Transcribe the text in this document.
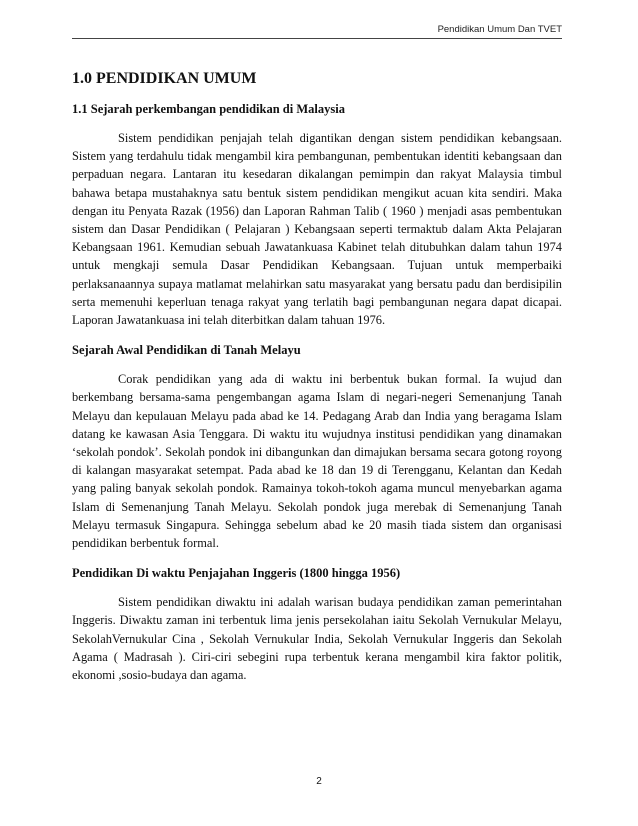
Pendidikan Umum Dan TVET
1.0 PENDIDIKAN UMUM
1.1 Sejarah perkembangan pendidikan di Malaysia

Sistem pendidikan penjajah telah digantikan dengan sistem pendidikan kebangsaan. Sistem yang terdahulu tidak mengambil kira pembangunan, pembentukan identiti kebangsaan dan perpaduan negara. Lantaran itu kesedaran dikalangan pemimpin dan rakyat Malaysia timbul bahawa betapa mustahaknya satu bentuk sistem pendidikan mengikut acuan kita sendiri. Maka dengan itu Penyata Razak (1956) dan Laporan Rahman Talib ( 1960 ) menjadi asas pembentukan sistem dan Dasar Pendidikan ( Pelajaran ) Kebangsaan seperti termaktub dalam Akta Pelajaran Kebangsaan 1961. Kemudian sebuah Jawatankuasa Kabinet telah ditubuhkan dalam tahun 1974 untuk mengkaji semula Dasar Pendidikan Kebangsaan. Tujuan untuk memperbaiki perlaksanaannya supaya matlamat melahirkan satu masyarakat yang bersatu padu dan berdisipilin serta memenuhi keperluan tenaga rakyat yang terlatih bagi pembangunan negara dapat dicapai. Laporan Jawatankuasa ini telah diterbitkan dalam tahuan 1976.

Sejarah Awal Pendidikan di Tanah Melayu

Corak pendidikan yang ada di waktu ini berbentuk bukan formal. Ia wujud dan berkembang bersama-sama pengembangan agama Islam di negari-negeri Semenanjung Tanah Melayu dan kepulauan Melayu pada abad ke 14. Pedagang Arab dan India yang beragama Islam datang ke kawasan Asia Tenggara. Di waktu itu wujudnya institusi pendidikan yang dinamakan ‘sekolah pondok’. Sekolah pondok ini dibangunkan dan dimajukan bersama secara gotong royong di kalangan masyarakat setempat. Pada abad ke 18 dan 19 di Terengganu, Kelantan dan Kedah yang paling banyak sekolah pondok. Ramainya tokoh-tokoh agama muncul menyebarkan agama Islam di Semenanjung Tanah Melayu. Sekolah pondok juga merebak di Semenanjung Tanah Melayu termasuk Singapura. Sehingga sebelum abad ke 20 masih tiada sistem dan organisasi pendidikan berbentuk formal.

Pendidikan Di waktu Penjajahan Inggeris (1800 hingga 1956)

Sistem pendidikan diwaktu ini adalah warisan budaya pendidikan zaman pemerintahan Inggeris. Diwaktu zaman ini terbentuk lima jenis persekolahan iaitu Sekolah Vernukular Melayu, SekolahVernukular Cina , Sekolah Vernukular India, Sekolah Vernukular Inggeris dan Sekolah Agama ( Madrasah ). Ciri-ciri sebegini rupa terbentuk kerana mengambil kira faktor politik, ekonomi ,sosio-budaya dan agama.

2
